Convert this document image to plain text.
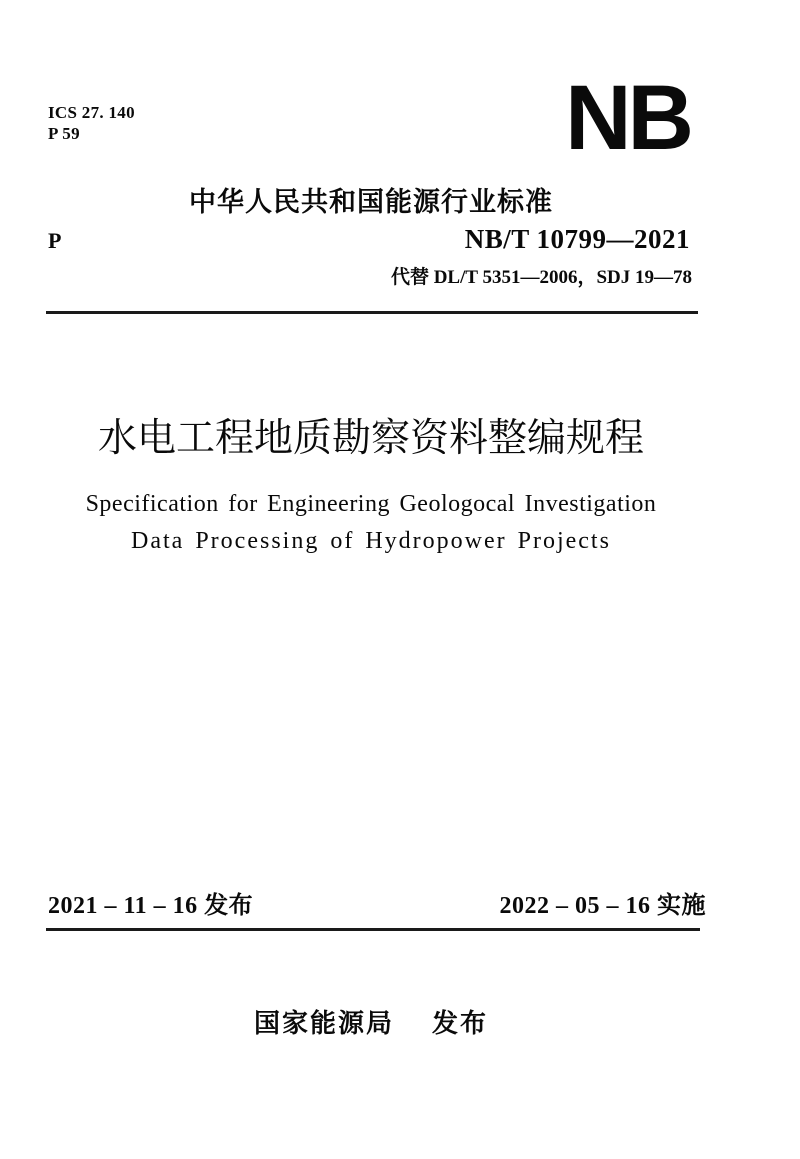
ICS 27. 140
P 59	NB
中华人民共和国能源行业标准
P	NB/T 10799—2021
代替 DL/T 5351—2006，SDJ 19—78
水电工程地质勘察资料整编规程
Specification for Engineering Geologocal Investigation
Data Processing of Hydropower Projects
2021 – 11 – 16 发布	2022 – 05 – 16 实施
国家能源局 发布
